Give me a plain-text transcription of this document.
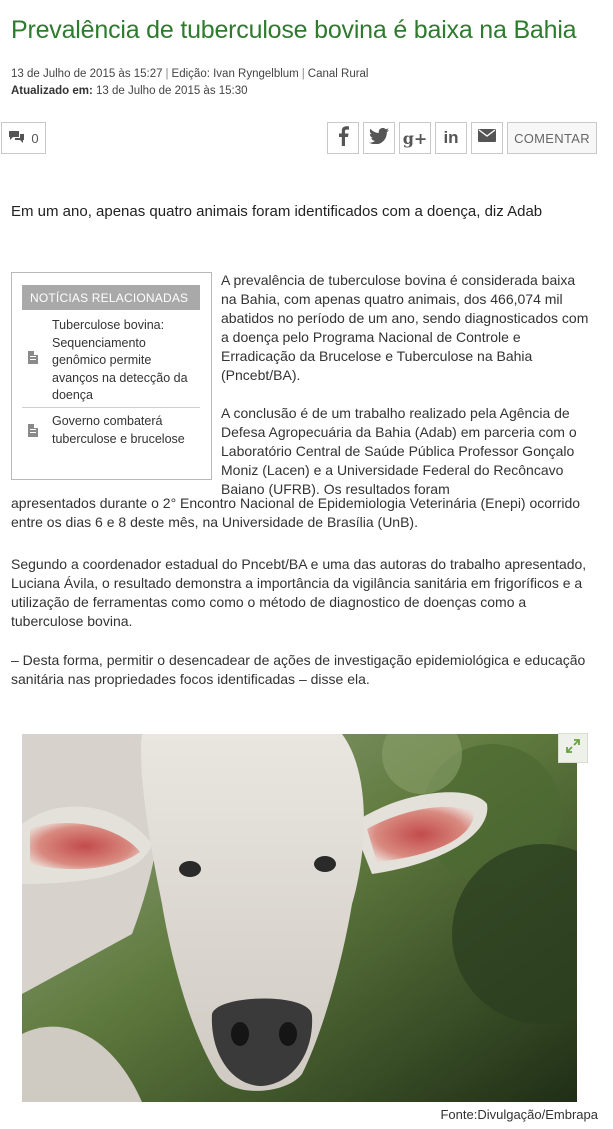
Prevalência de tuberculose bovina é baixa na Bahia
13 de Julho de 2015 às 15:27 | Edição: Ivan Ryngelblum | Canal Rural
Atualizado em: 13 de Julho de 2015 às 15:30
0	g+ in	COMENTAR

Em um ano, apenas quatro animais foram identificados com a doença, diz Adab

NOTÍCIAS RELACIONADAS
Tuberculose bovina: Sequenciamento genômico permite avanços na detecção da doença
Governo combaterá tuberculose e brucelose

A prevalência de tuberculose bovina é considerada baixa na Bahia, com apenas quatro animais, dos 466,074 mil abatidos no período de um ano, sendo diagnosticados com a doença pelo Programa Nacional de Controle e Erradicação da Brucelose e Tuberculose na Bahia (Pncebt/BA).

A conclusão é de um trabalho realizado pela Agência de Defesa Agropecuária da Bahia (Adab) em parceria com o Laboratório Central de Saúde Pública Professor Gonçalo Moniz (Lacen) e a Universidade Federal do Recôncavo Baiano (UFRB). Os resultados foram

apresentados durante o 2° Encontro Nacional de Epidemiologia Veterinária (Enepi) ocorrido entre os dias 6 e 8 deste mês, na Universidade de Brasília (UnB).

Segundo a coordenador estadual do Pncebt/BA e uma das autoras do trabalho apresentado, Luciana Ávila, o resultado demonstra a importância da vigilância sanitária em frigoríficos e a utilização de ferramentas como como o método de diagnostico de doenças como a tuberculose bovina.

– Desta forma, permitir o desencadear de ações de investigação epidemiológica e educação sanitária nas propriedades focos identificadas – disse ela.

Fonte:Divulgação/Embrapa
